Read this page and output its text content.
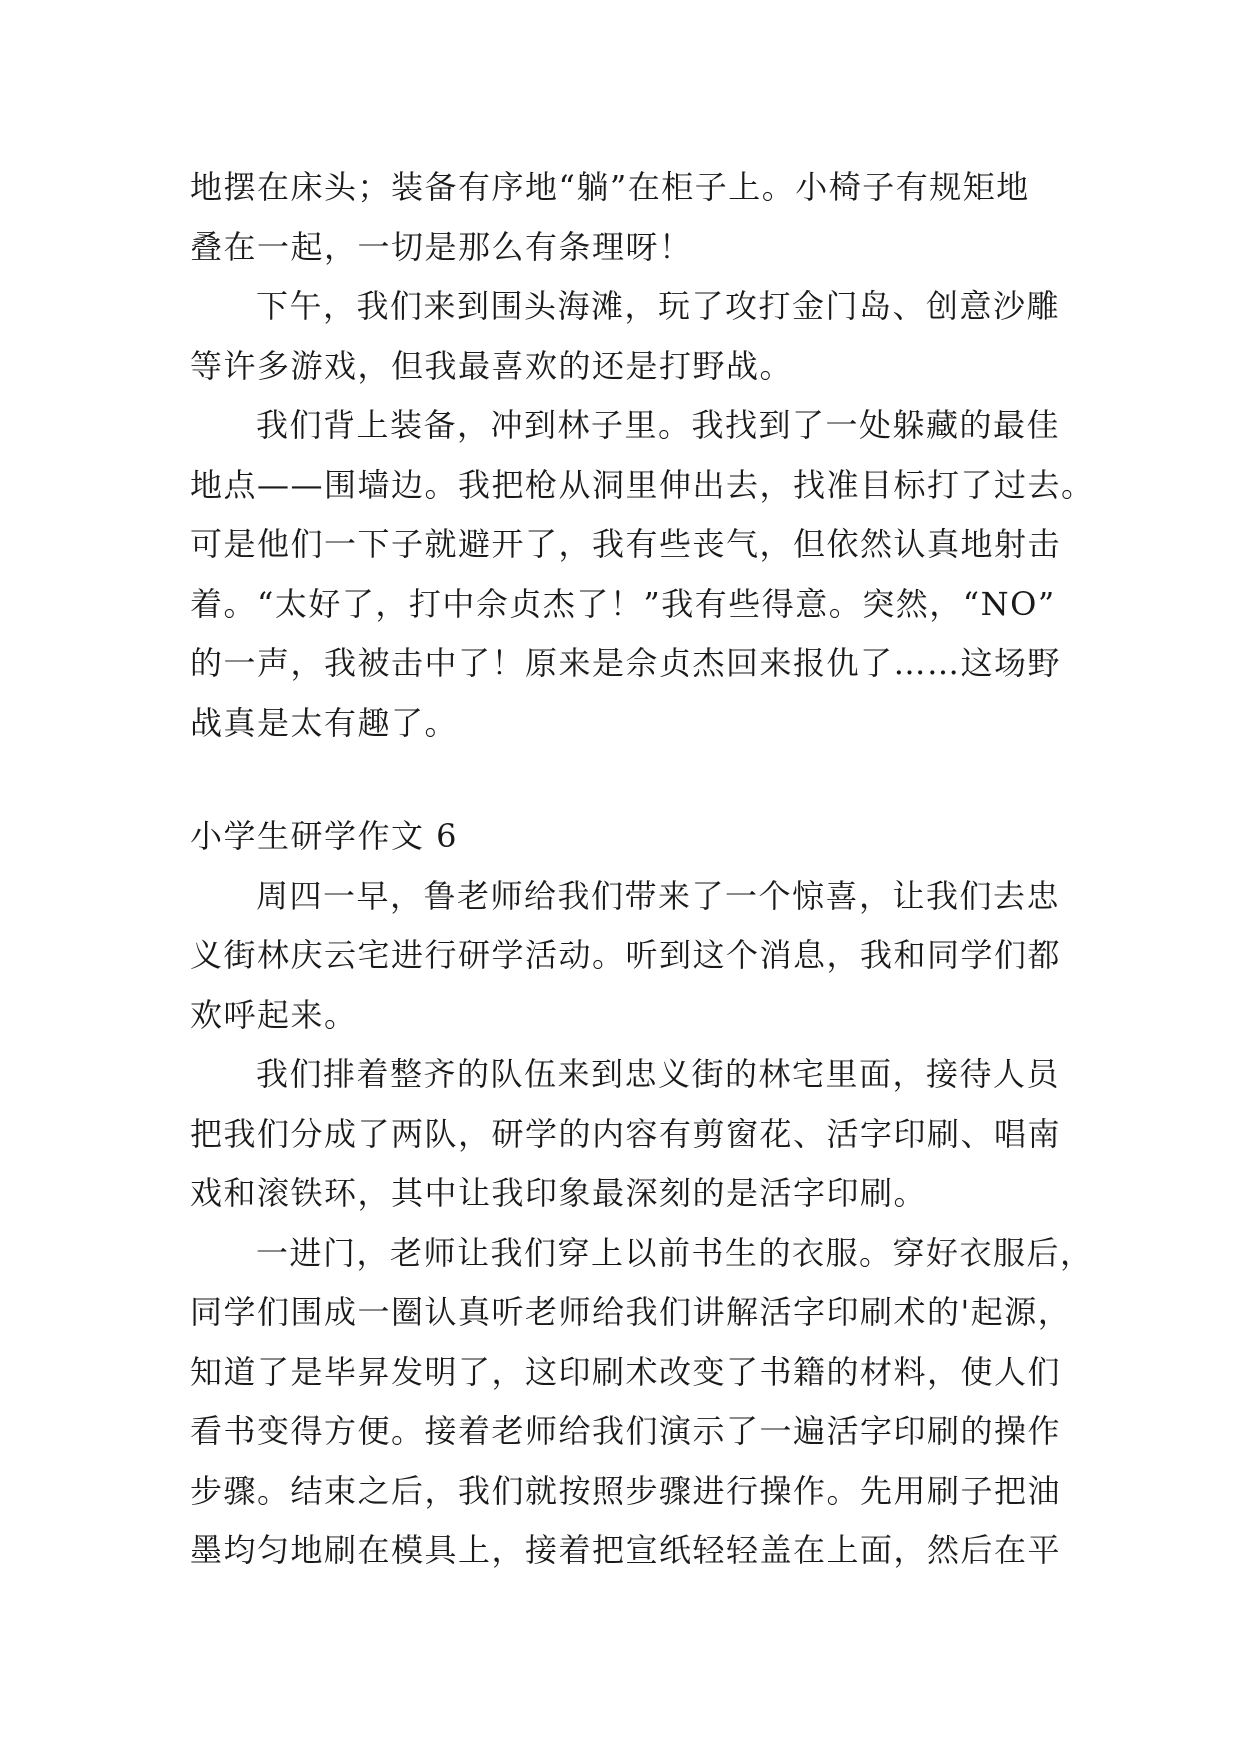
地摆在床头；装备有序地“躺”在柜子上。小椅子有规矩地
叠在一起，一切是那么有条理呀！
下午，我们来到围头海滩，玩了攻打金门岛、创意沙雕
等许多游戏，但我最喜欢的还是打野战。
我们背上装备，冲到林子里。我找到了一处躲藏的最佳
地点——围墙边。我把枪从洞里伸出去，找准目标打了过去。
可是他们一下子就避开了，我有些丧气，但依然认真地射击
着。“太好了，打中佘贞杰了！”我有些得意。突然，“NO”
的一声，我被击中了！原来是佘贞杰回来报仇了……这场野
战真是太有趣了。
小学生研学作文 6
周四一早，鲁老师给我们带来了一个惊喜，让我们去忠
义街林庆云宅进行研学活动。听到这个消息，我和同学们都
欢呼起来。
我们排着整齐的队伍来到忠义街的林宅里面，接待人员
把我们分成了两队，研学的内容有剪窗花、活字印刷、唱南
戏和滚铁环，其中让我印象最深刻的是活字印刷。
一进门，老师让我们穿上以前书生的衣服。穿好衣服后，
同学们围成一圈认真听老师给我们讲解活字印刷术的'起源，
知道了是毕昇发明了，这印刷术改变了书籍的材料，使人们
看书变得方便。接着老师给我们演示了一遍活字印刷的操作
步骤。结束之后，我们就按照步骤进行操作。先用刷子把油
墨均匀地刷在模具上，接着把宣纸轻轻盖在上面，然后在平
